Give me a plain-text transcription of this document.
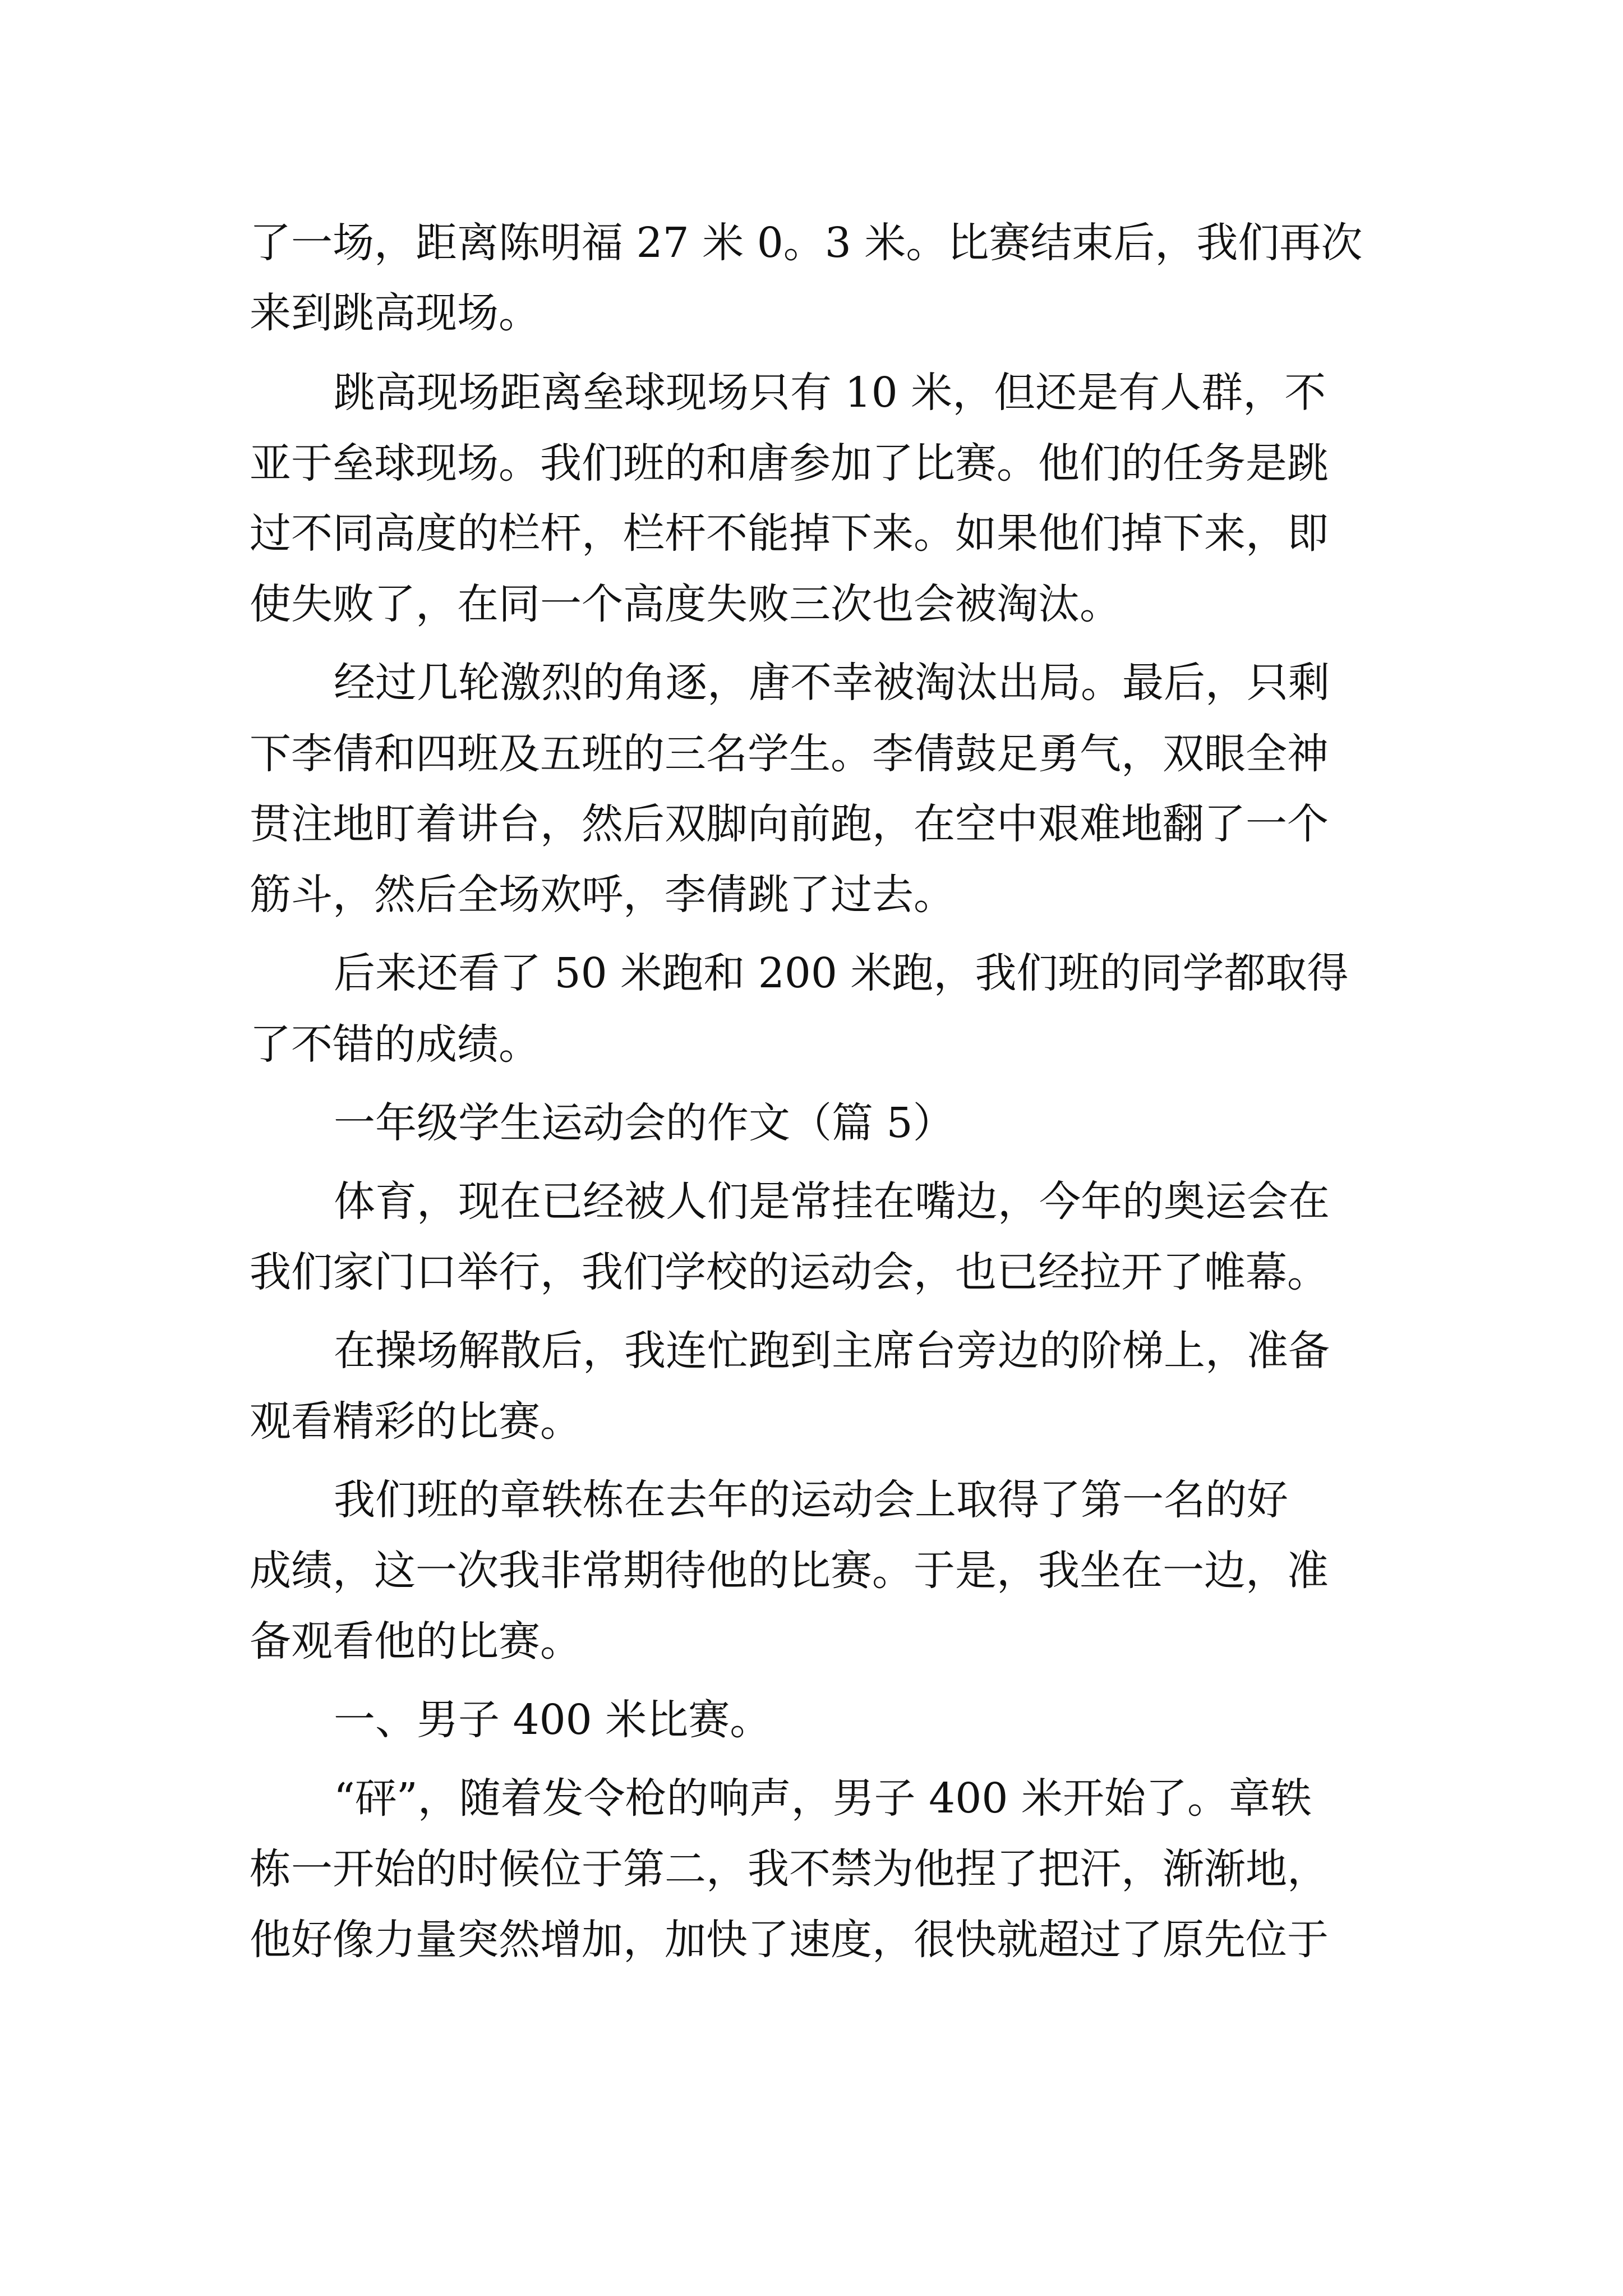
了一场，距离陈明福 27 米 0。3 米。比赛结束后，我们再次

来到跳高现场。

跳高现场距离垒球现场只有 10 米，但还是有人群，不

亚于垒球现场。我们班的和唐参加了比赛。他们的任务是跳

过不同高度的栏杆，栏杆不能掉下来。如果他们掉下来，即

使失败了，在同一个高度失败三次也会被淘汰。

经过几轮激烈的角逐，唐不幸被淘汰出局。最后，只剩

下李倩和四班及五班的三名学生。李倩鼓足勇气，双眼全神

贯注地盯着讲台，然后双脚向前跑，在空中艰难地翻了一个

筋斗，然后全场欢呼，李倩跳了过去。

后来还看了 50 米跑和 200 米跑，我们班的同学都取得

了不错的成绩。

一年级学生运动会的作文（篇 5）

体育，现在已经被人们是常挂在嘴边，今年的奥运会在

我们家门口举行，我们学校的运动会，也已经拉开了帷幕。

在操场解散后，我连忙跑到主席台旁边的阶梯上，准备

观看精彩的比赛。

我们班的章轶栋在去年的运动会上取得了第一名的好

成绩，这一次我非常期待他的比赛。于是，我坐在一边，准

备观看他的比赛。

一、男子 400 米比赛。

“砰”，随着发令枪的响声，男子 400 米开始了。章轶

栋一开始的时候位于第二，我不禁为他捏了把汗，渐渐地，

他好像力量突然增加，加快了速度，很快就超过了原先位于
